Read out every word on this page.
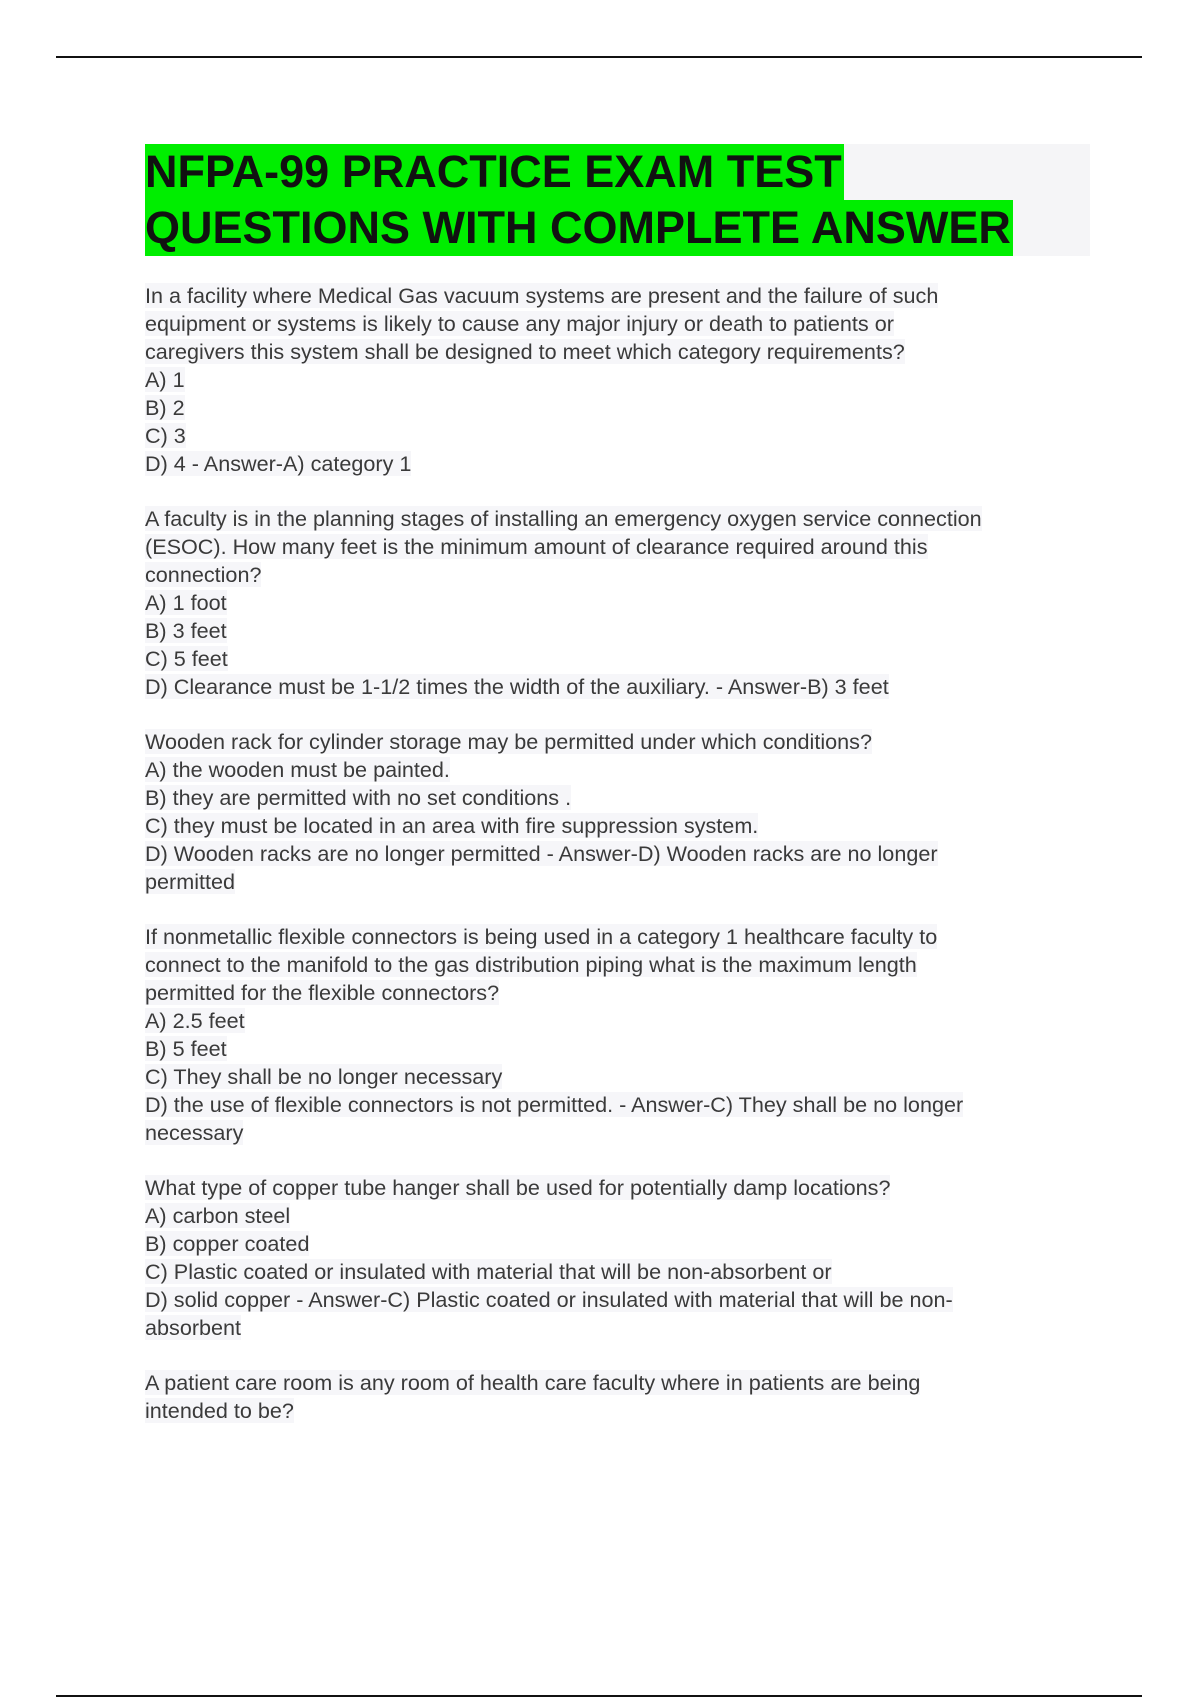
NFPA-99 PRACTICE EXAM TEST
QUESTIONS WITH COMPLETE ANSWER
In a facility where Medical Gas vacuum systems are present and the failure of such
equipment or systems is likely to cause any major injury or death to patients or
caregivers this system shall be designed to meet which category requirements?
A) 1
B) 2
C) 3
D) 4 - Answer-A) category 1
A faculty is in the planning stages of installing an emergency oxygen service connection
(ESOC). How many feet is the minimum amount of clearance required around this
connection?
A) 1 foot
B) 3 feet
C) 5 feet
D) Clearance must be 1-1/2 times the width of the auxiliary. - Answer-B) 3 feet
Wooden rack for cylinder storage may be permitted under which conditions?
A) the wooden must be painted.
B) they are permitted with no set conditions .
C) they must be located in an area with fire suppression system.
D) Wooden racks are no longer permitted - Answer-D) Wooden racks are no longer
permitted
If nonmetallic flexible connectors is being used in a category 1 healthcare faculty to
connect to the manifold to the gas distribution piping what is the maximum length
permitted for the flexible connectors?
A) 2.5 feet
B) 5 feet
C) They shall be no longer necessary
D) the use of flexible connectors is not permitted. - Answer-C) They shall be no longer
necessary
What type of copper tube hanger shall be used for potentially damp locations?
A) carbon steel
B) copper coated
C) Plastic coated or insulated with material that will be non-absorbent or
D) solid copper - Answer-C) Plastic coated or insulated with material that will be non-
absorbent
A patient care room is any room of health care faculty where in patients are being
intended to be?
